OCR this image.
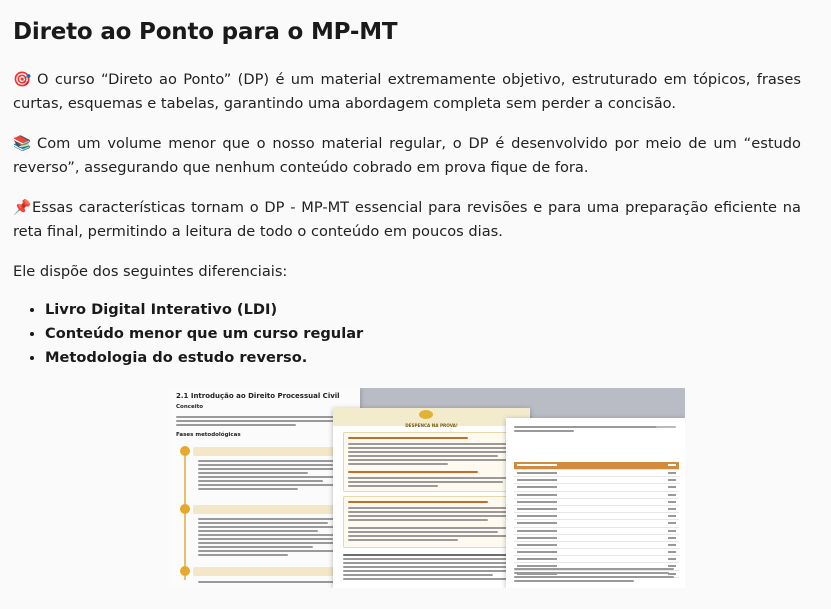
Direto ao Ponto para o MP-MT

🎯 O curso “Direto ao Ponto” (DP) é um material extremamente objetivo, estruturado em tópicos, frases curtas, esquemas e tabelas, garantindo uma abordagem completa sem perder a concisão.

📚 Com um volume menor que o nosso material regular, o DP é desenvolvido por meio de um “estudo reverso”, assegurando que nenhum conteúdo cobrado em prova fique de fora.

📌Essas características tornam o DP - MP-MT essencial para revisões e para uma preparação eficiente na reta final, permitindo a leitura de todo o conteúdo em poucos dias.

Ele dispõe dos seguintes diferenciais:

• Livro Digital Interativo (LDI)
• Conteúdo menor que um curso regular
• Metodologia do estudo reverso.
2.1 Introdução ao Direito Processual Civil
Conceito
Fases metodológicas
$_{DESPENCA NA PROVA!}$
